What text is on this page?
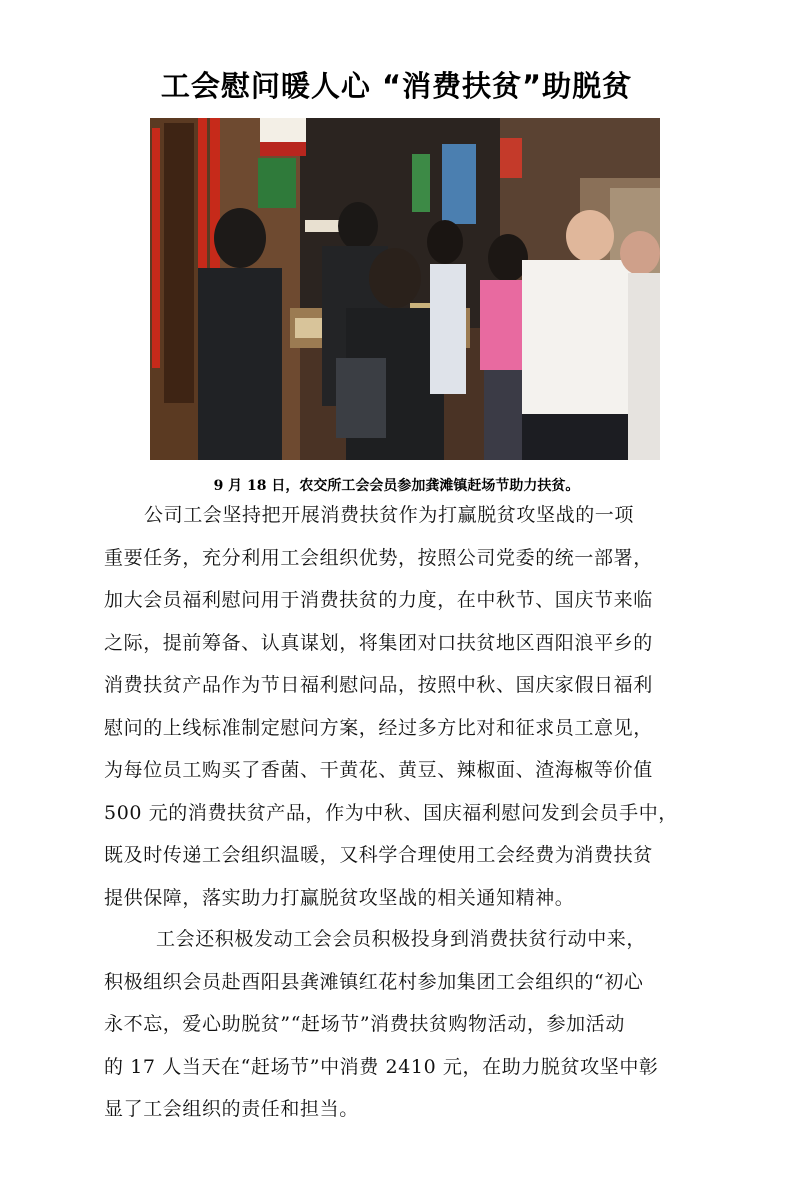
工会慰问暖人心 “消费扶贫”助脱贫
9 月 18 日，农交所工会会员参加龚滩镇赶场节助力扶贫。
公司工会坚持把开展消费扶贫作为打赢脱贫攻坚战的一项
重要任务，充分利用工会组织优势，按照公司党委的统一部署，
加大会员福利慰问用于消费扶贫的力度，在中秋节、国庆节来临
之际，提前筹备、认真谋划，将集团对口扶贫地区酉阳浪平乡的
消费扶贫产品作为节日福利慰问品，按照中秋、国庆家假日福利
慰问的上线标准制定慰问方案，经过多方比对和征求员工意见，
为每位员工购买了香菌、干黄花、黄豆、辣椒面、渣海椒等价值
500 元的消费扶贫产品，作为中秋、国庆福利慰问发到会员手中，
既及时传递工会组织温暖，又科学合理使用工会经费为消费扶贫
提供保障，落实助力打赢脱贫攻坚战的相关通知精神。
工会还积极发动工会会员积极投身到消费扶贫行动中来，
积极组织会员赴酉阳县龚滩镇红花村参加集团工会组织的“初心
永不忘，爱心助脱贫”“赶场节”消费扶贫购物活动，参加活动
的 17 人当天在“赶场节”中消费 2410 元，在助力脱贫攻坚中彰
显了工会组织的责任和担当。
